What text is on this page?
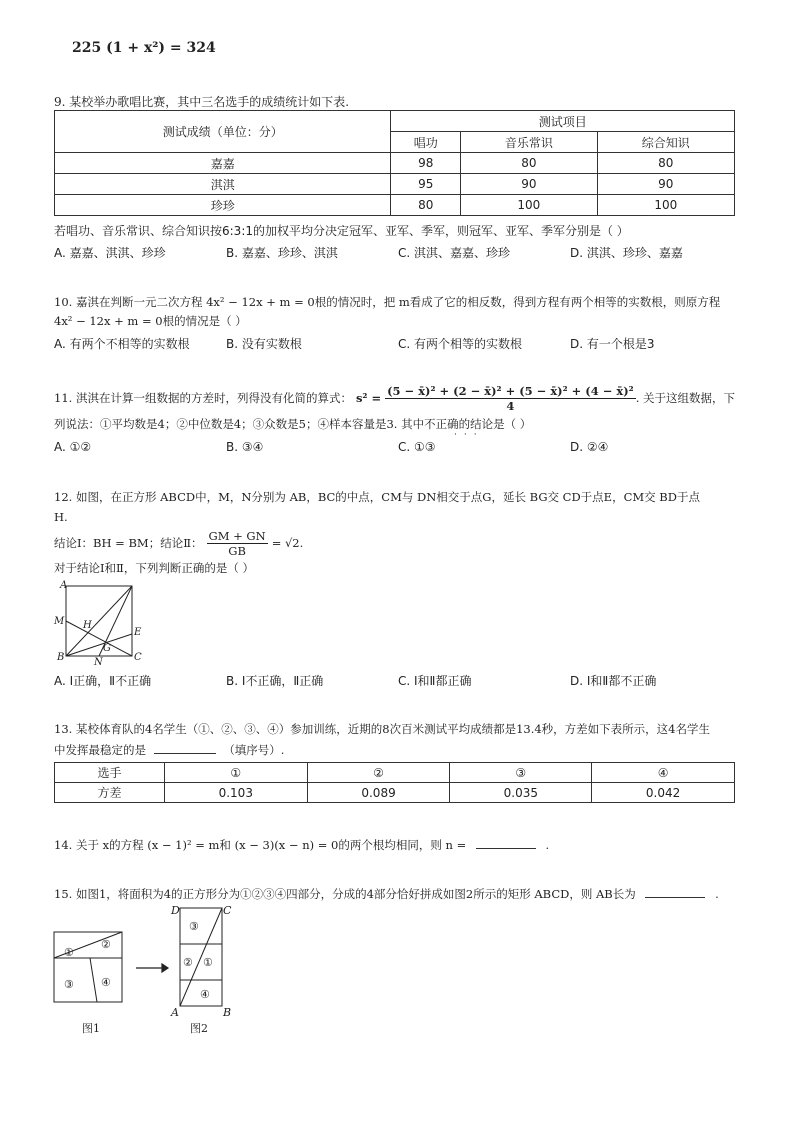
225 (1 + x²) = 324
9. 某校举办歌唱比赛，其中三名选手的成绩统计如下表.
测试成绩（单位：分）	测试项目		
	唱功	音乐常识	综合知识
嘉嘉	98	80	80
淇淇	95	90	90
珍珍	80	100	100
若唱功、音乐常识、综合知识按6:3:1的加权平均分决定冠军、亚军、季军，则冠军、亚军、季军分别是（ ）
A. 嘉嘉、淇淇、珍珍	B. 嘉嘉、珍珍、淇淇	C. 淇淇、嘉嘉、珍珍	D. 淇淇、珍珍、嘉嘉
10. 嘉淇在判断一元二次方程 4x² − 12x + m = 0根的情况时，把 m看成了它的相反数，得到方程有两个相等的实数根，则原方程
4x² − 12x + m = 0根的情况是（ ）
A. 有两个不相等的实数根	B. 没有实数根	C. 有两个相等的实数根	D. 有一个根是3
11. 淇淇在计算一组数据的方差时，列得没有化简的算式： $s^2 = \frac{\text{(5 − x̄)² + (2 − x̄)² + (5 − x̄)² + (4 − x̄)²}}{4}$ . 关于这组数据，下
列说法：①平均数是4；②中位数是4；③众数是5；④样本容量是3. 其中不正确的结论是（ ）
···
A. ①②	B. ③④	C. ①③	D. ②④
12. 如图，在正方形 ABCD中，M，N分别为 AB，BC的中点，CM与 DN相交于点G，延长 BG交 CD于点E，CM交 BD于点
H.
结论Ⅰ：BH = BM；结论Ⅱ： $\frac{GM + GN}{GB} = √2$.
对于结论Ⅰ和Ⅱ，下列判断正确的是（ ）
A
M H
G
E
B	N	C
A. Ⅰ正确，Ⅱ不正确	B. Ⅰ不正确，Ⅱ正确	C. Ⅰ和Ⅱ都正确	D. Ⅰ和Ⅱ都不正确
13. 某校体育队的4名学生（①、②、③、④）参加训练，近期的8次百米测试平均成绩都是13.4秒，方差如下表所示，这4名学生
中发挥最稳定的是	（填序号）.
选手	①	②	③	④
方差	0.103	0.089	0.035	0.042
14. 关于 x的方程 (x − 1)² = m和 (x − 3)(x − n) = 0的两个根均相同，则 n =	.
15. 如图1，将面积为4的正方形分为①②③④四部分，分成的4部分恰好拼成如图2所示的矩形 ABCD，则 AB长为	.
①
②
③ ④
D	C
③
② ①
④
A	B
图1	图2
